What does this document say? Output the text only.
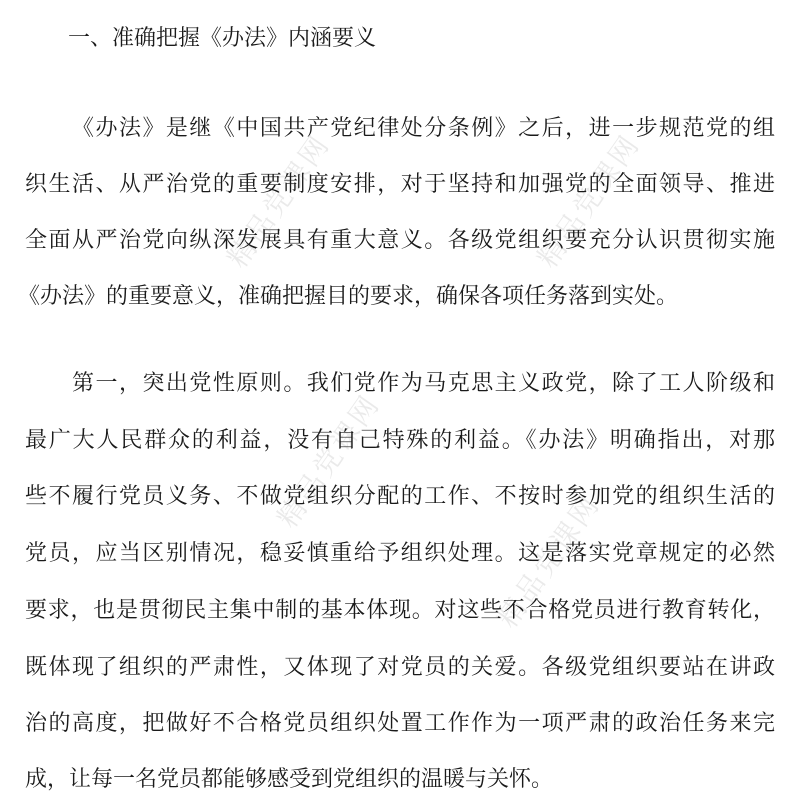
精品党课网	精品党课网
精品党课网
精品党课网
一、准确把握《办法》内涵要义
《办法》是继《中国共产党纪律处分条例》之后，进一步规范党的组
织生活、从严治党的重要制度安排，对于坚持和加强党的全面领导、推进
全面从严治党向纵深发展具有重大意义。各级党组织要充分认识贯彻实施
《办法》的重要意义，准确把握目的要求，确保各项任务落到实处。
第一，突出党性原则。我们党作为马克思主义政党，除了工人阶级和
最广大人民群众的利益，没有自己特殊的利益。《办法》明确指出，对那
些不履行党员义务、不做党组织分配的工作、不按时参加党的组织生活的
党员，应当区别情况，稳妥慎重给予组织处理。这是落实党章规定的必然
要求，也是贯彻民主集中制的基本体现。对这些不合格党员进行教育转化，
既体现了组织的严肃性，又体现了对党员的关爱。各级党组织要站在讲政
治的高度，把做好不合格党员组织处置工作作为一项严肃的政治任务来完
成，让每一名党员都能够感受到党组织的温暖与关怀。
